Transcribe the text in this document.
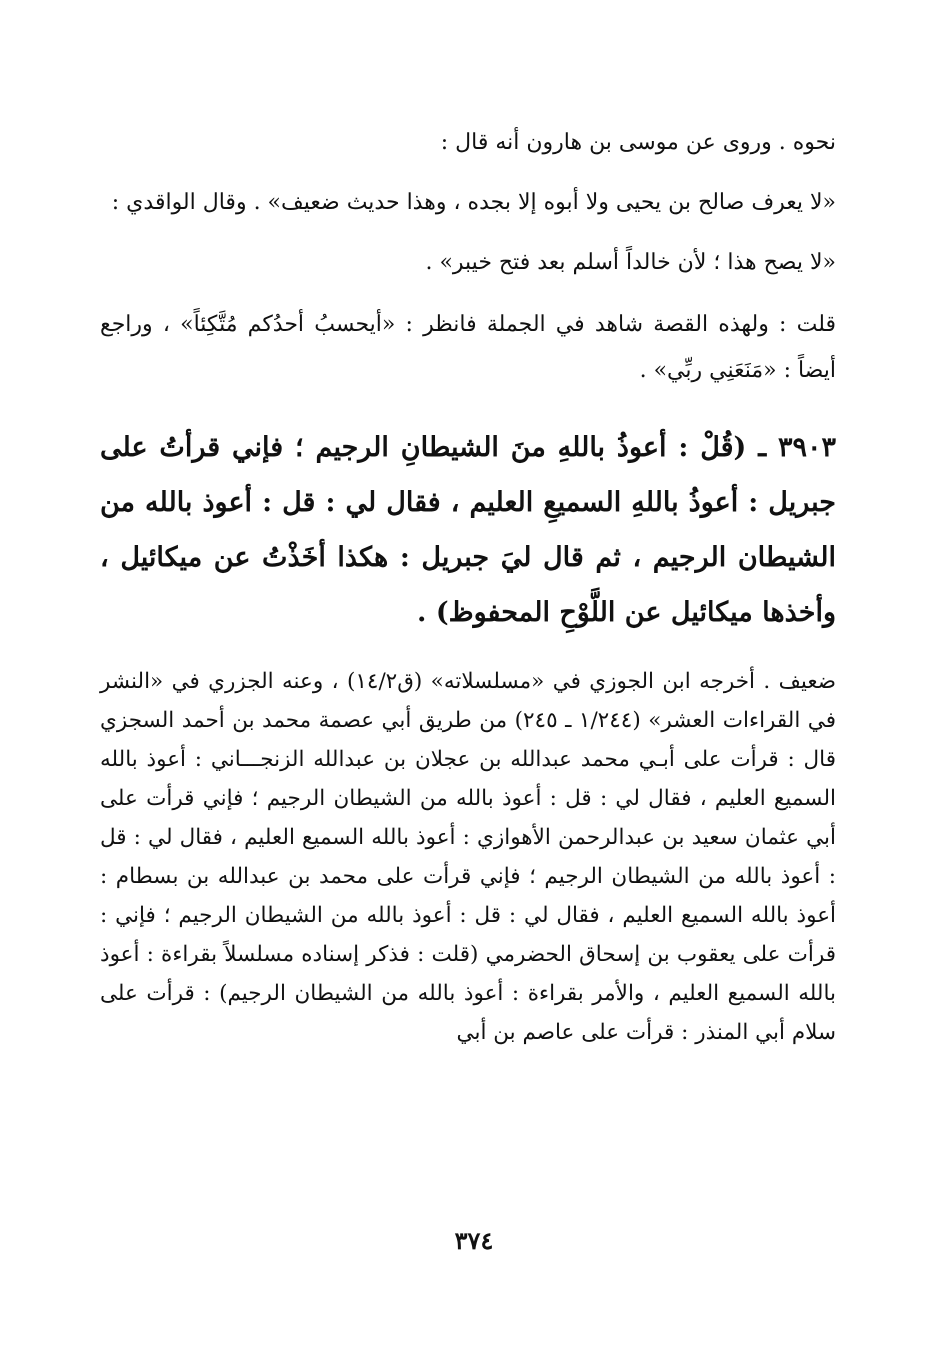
نحوه . وروى عن موسى بن هارون أنه قال :

«لا يعرف صالح بن يحيى ولا أبوه إلا بجده ، وهذا حديث ضعيف» . وقال الواقدي :

«لا يصح هذا ؛ لأن خالداً أسلم بعد فتح خيبر» .

قلت : ولهذه القصة شاهد في الجملة فانظر : «أيحسبُ أحدُكم مُتَّكِئاً» ، وراجع أيضاً : «مَنَعَنِي ربِّي» .

٣٩٠٣ ـ (قُلْ : أعوذُ باللهِ منَ الشيطانِ الرجيم ؛ فإني قرأتُ على جبريل : أعوذُ باللهِ السميعِ العليم ، فقال لي : قل : أعوذ بالله من الشيطان الرجيم ، ثم قال ليَ جبريل : هكذا أخَذْتُ عن ميكائيل ، وأخذها ميكائيل عن اللَّوْحِ المحفوظ) .

ضعيف . أخرجه ابن الجوزي في «مسلسلاته» (ق١٤/٢) ، وعنه الجزري في «النشر في القراءات العشر» (١/٢٤٤ ـ ٢٤٥) من طريق أبي عصمة محمد بن أحمد السجزي قال : قرأت على أبـي محمد عبدالله بن عجلان بن عبدالله الزنجـــاني : أعوذ بالله السميع العليم ، فقال لي : قل : أعوذ بالله من الشيطان الرجيم ؛ فإني قرأت على أبي عثمان سعيد بن عبدالرحمن الأهوازي : أعوذ بالله السميع العليم ، فقال لي : قل : أعوذ بالله من الشيطان الرجيم ؛ فإني قرأت على محمد بن عبدالله بن بسطام : أعوذ بالله السميع العليم ، فقال لي : قل : أعوذ بالله من الشيطان الرجيم ؛ فإني : قرأت على يعقوب بن إسحاق الحضرمي (قلت : فذكر إسناده مسلسلاً بقراءة : أعوذ بالله السميع العليم ، والأمر بقراءة : أعوذ بالله من الشيطان الرجيم) : قرأت على سلام أبي المنذر : قرأت على عاصم بن أبي

٣٧٤
